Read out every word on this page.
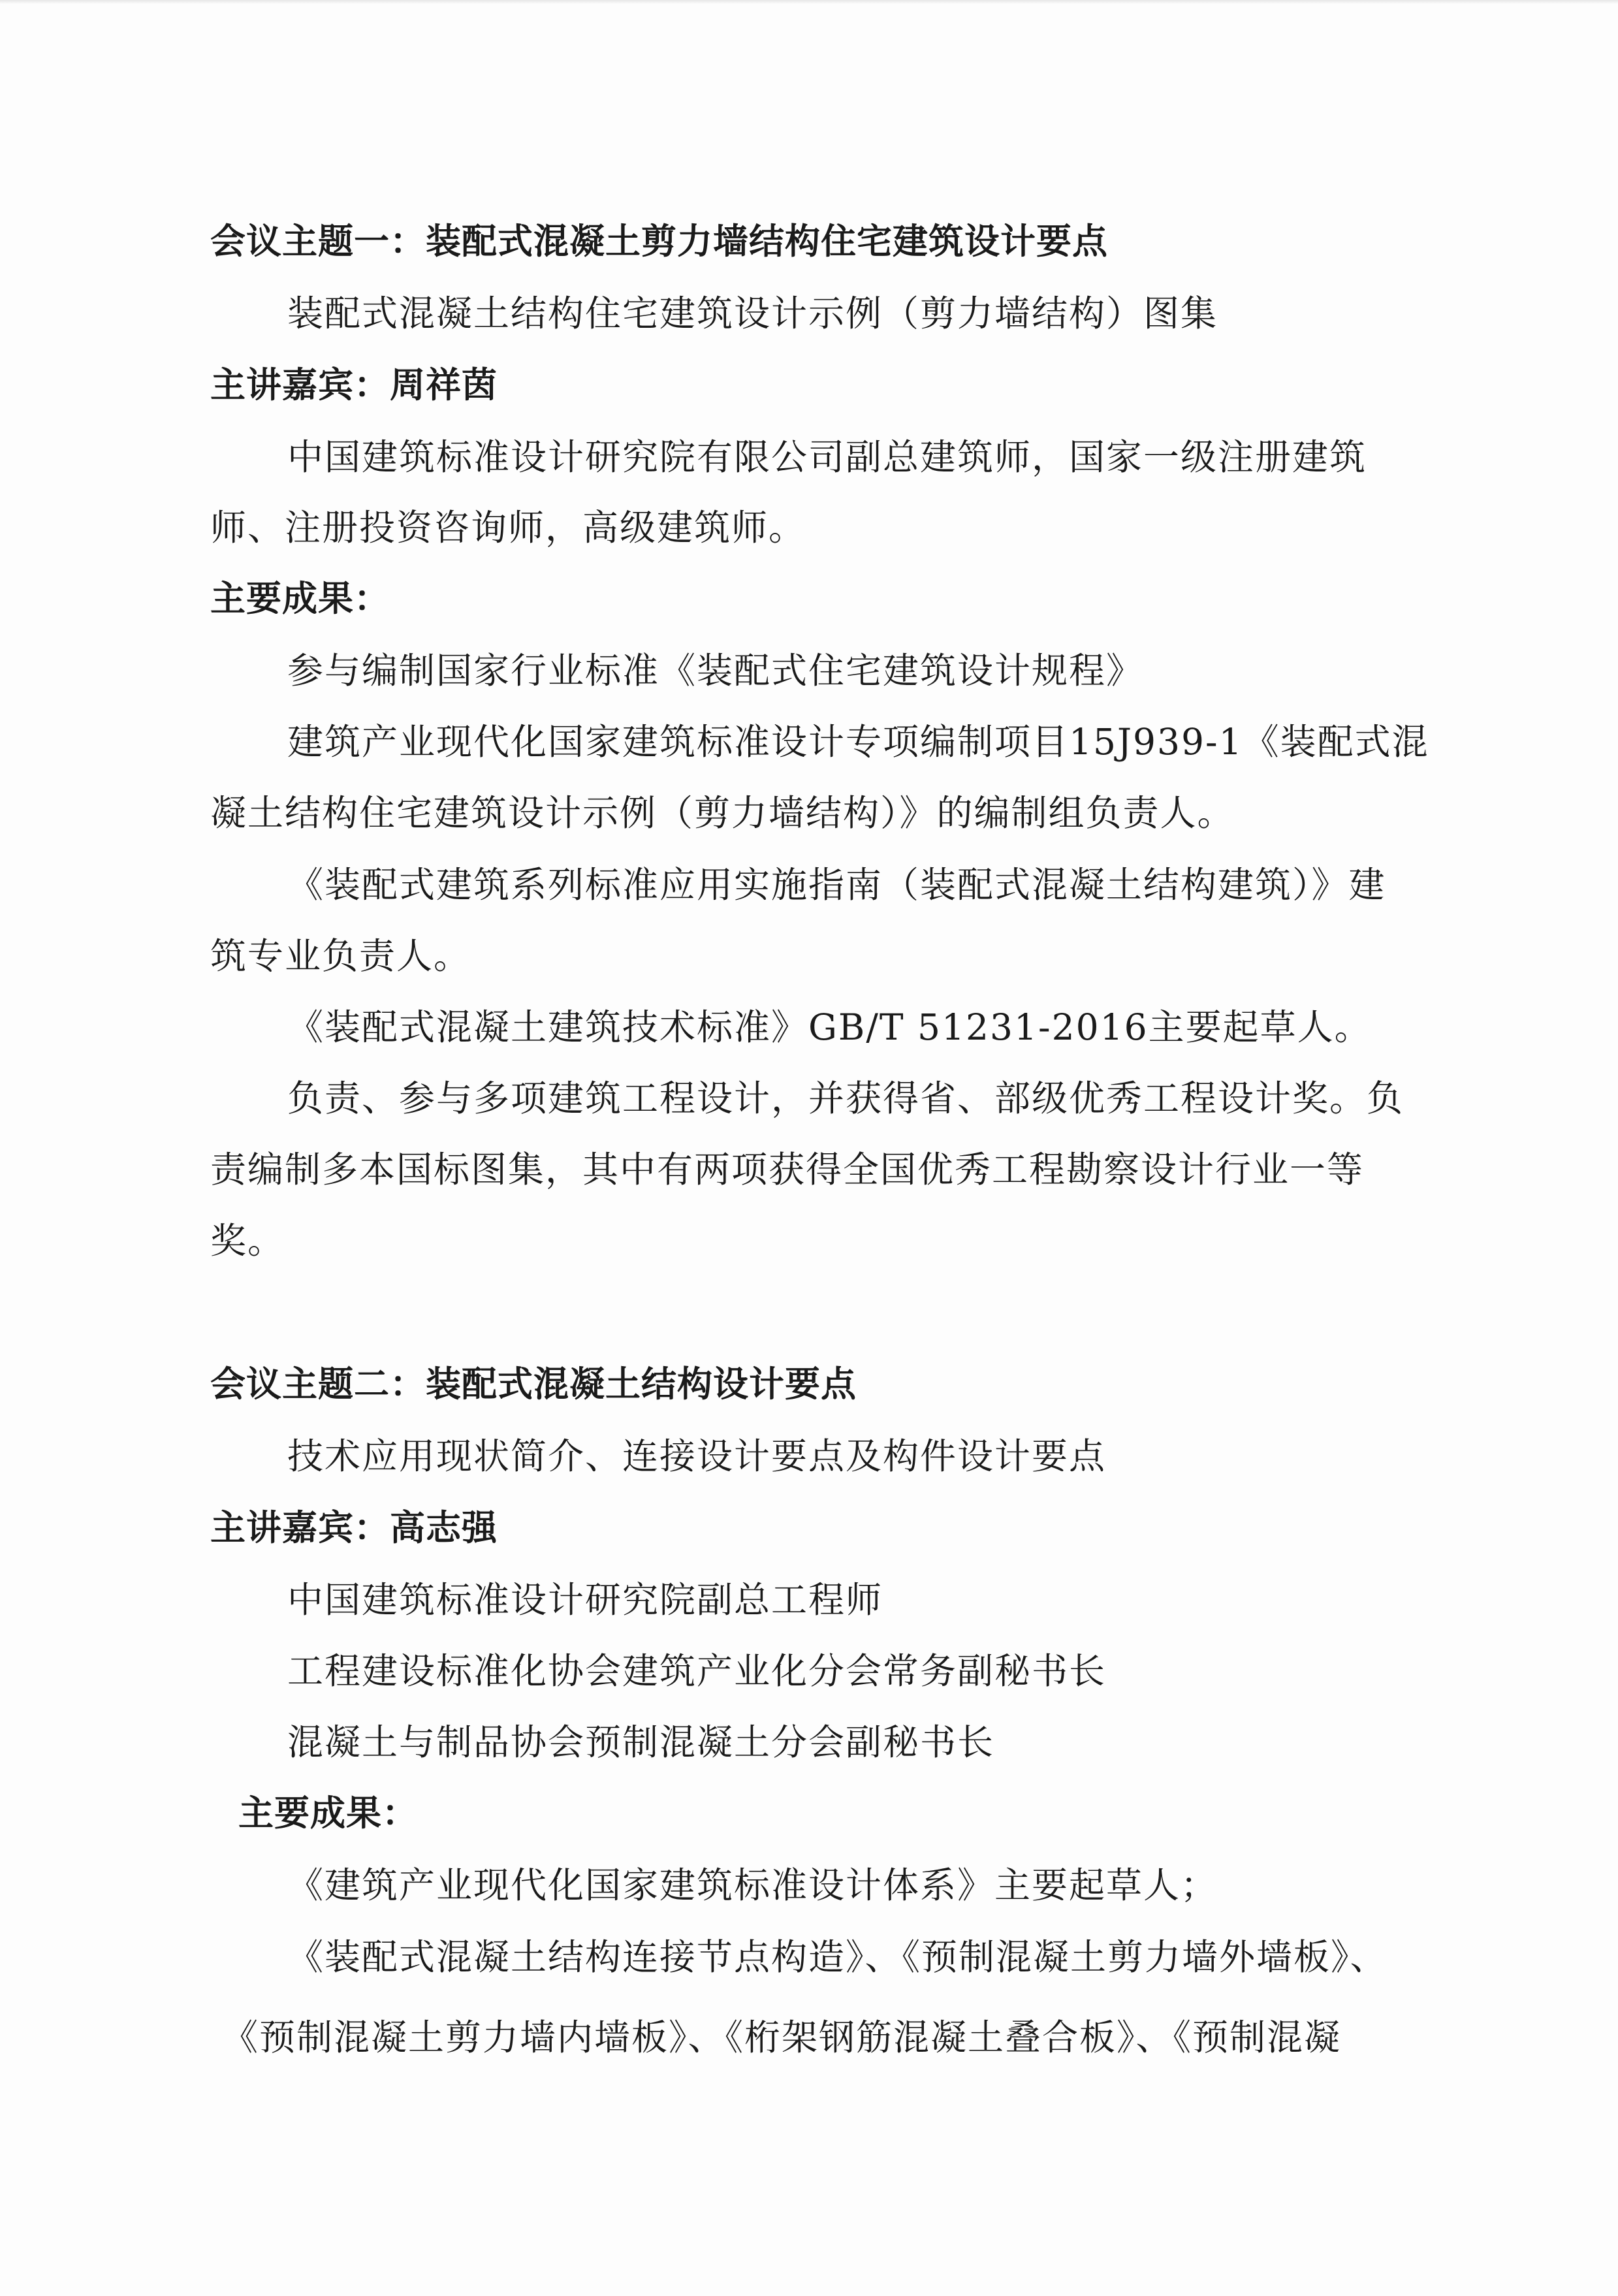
会议主题一：装配式混凝土剪力墙结构住宅建筑设计要点
装配式混凝土结构住宅建筑设计示例（剪力墙结构）图集
主讲嘉宾：周祥茵
中国建筑标准设计研究院有限公司副总建筑师，国家一级注册建筑
师、注册投资咨询师，高级建筑师。
主要成果：
参与编制国家行业标准《装配式住宅建筑设计规程》
建筑产业现代化国家建筑标准设计专项编制项目15J939-1《装配式混
凝土结构住宅建筑设计示例（剪力墙结构）》的编制组负责人。
《装配式建筑系列标准应用实施指南（装配式混凝土结构建筑）》建
筑专业负责人。
《装配式混凝土建筑技术标准》GB/T 51231-2016主要起草人。
负责、参与多项建筑工程设计，并获得省、部级优秀工程设计奖。负
责编制多本国标图集，其中有两项获得全国优秀工程勘察设计行业一等
奖。
会议主题二：装配式混凝土结构设计要点
技术应用现状简介、连接设计要点及构件设计要点
主讲嘉宾：高志强
中国建筑标准设计研究院副总工程师
工程建设标准化协会建筑产业化分会常务副秘书长
混凝土与制品协会预制混凝土分会副秘书长
主要成果：
《建筑产业现代化国家建筑标准设计体系》主要起草人；
《装配式混凝土结构连接节点构造》、《预制混凝土剪力墙外墙板》、
《预制混凝土剪力墙内墙板》、《桁架钢筋混凝土叠合板》、《预制混凝
